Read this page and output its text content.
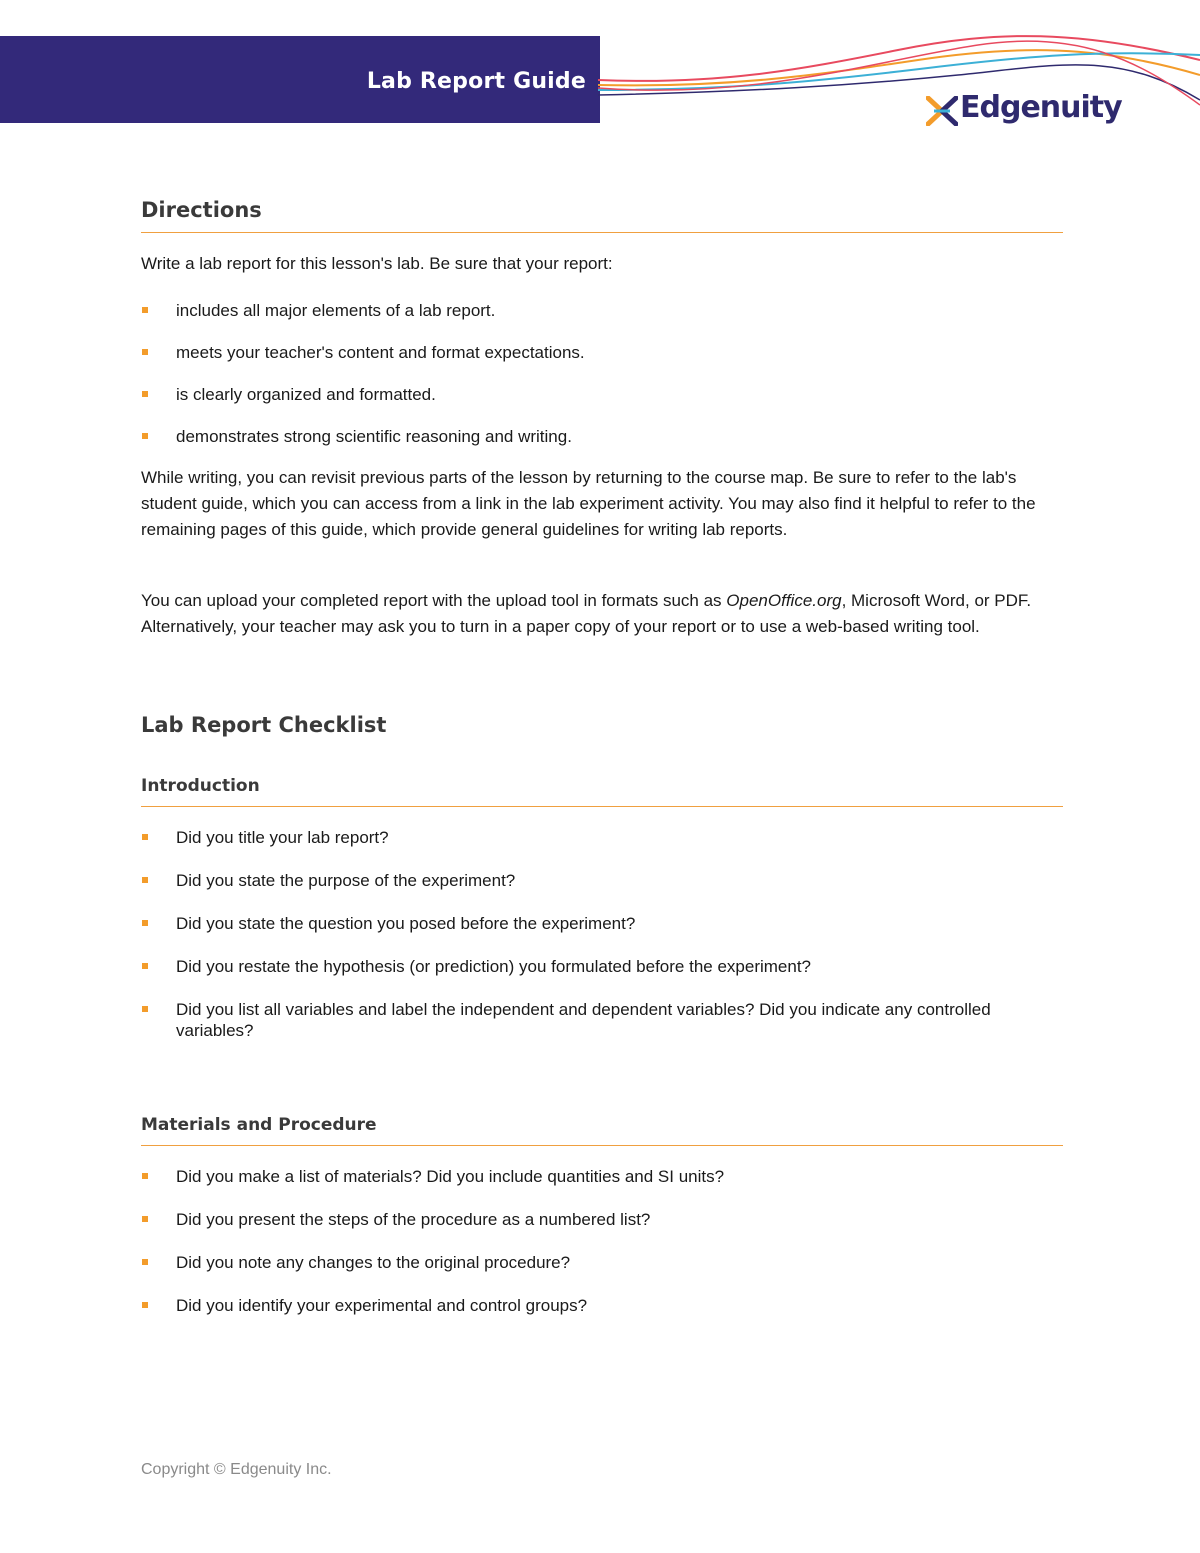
Lab Report Guide
Edgenuity
Directions

Write a lab report for this lesson's lab. Be sure that your report:

includes all major elements of a lab report.
meets your teacher's content and format expectations.
is clearly organized and formatted.
demonstrates strong scientific reasoning and writing.

While writing, you can revisit previous parts of the lesson by returning to the course map. Be sure to refer to the lab's student guide, which you can access from a link in the lab experiment activity. You may also find it helpful to refer to the remaining pages of this guide, which provide general guidelines for writing lab reports.

You can upload your completed report with the upload tool in formats such as OpenOffice.org, Microsoft Word, or PDF. Alternatively, your teacher may ask you to turn in a paper copy of your report or to use a web-based writing tool.

Lab Report Checklist
Introduction
Did you title your lab report?
Did you state the purpose of the experiment?
Did you state the question you posed before the experiment?
Did you restate the hypothesis (or prediction) you formulated before the experiment?
Did you list all variables and label the independent and dependent variables? Did you indicate any controlled variables?
Materials and Procedure
Did you make a list of materials? Did you include quantities and SI units?
Did you present the steps of the procedure as a numbered list?
Did you note any changes to the original procedure?
Did you identify your experimental and control groups?
Copyright © Edgenuity Inc.
